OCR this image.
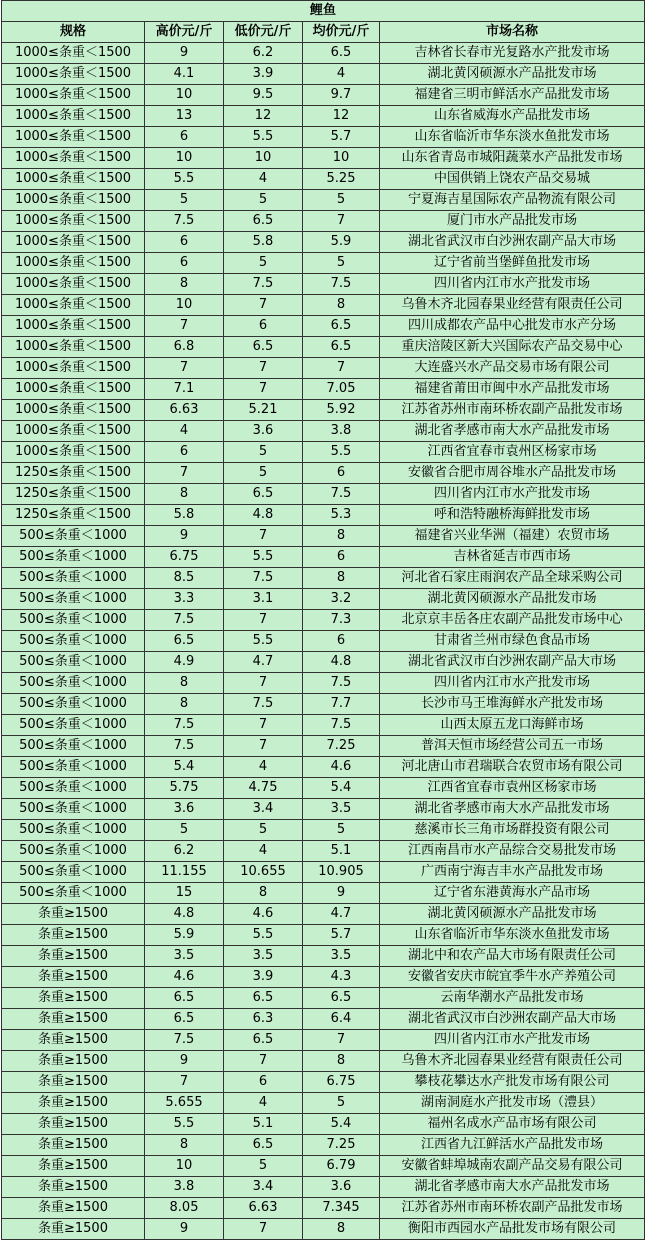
鲤鱼				
规格	高价元/斤	低价元/斤	均价元/斤	市场名称
1000≤条重＜1500	9	6.2	6.5	吉林省长春市光复路水产批发市场
1000≤条重＜1500	4.1	3.9	4	湖北黄冈硕源水产品批发市场
1000≤条重＜1500	10	9.5	9.7	福建省三明市鲜活水产品批发市场
1000≤条重＜1500	13	12	12	山东省威海水产品批发市场
1000≤条重＜1500	6	5.5	5.7	山东省临沂市华东淡水鱼批发市场
1000≤条重＜1500	10	10	10	山东省青岛市城阳蔬菜水产品批发市场
1000≤条重＜1500	5.5	4	5.25	中国供销上饶农产品交易城
1000≤条重＜1500	5	5	5	宁夏海吉星国际农产品物流有限公司
1000≤条重＜1500	7.5	6.5	7	厦门市水产品批发市场
1000≤条重＜1500	6	5.8	5.9	湖北省武汉市白沙洲农副产品大市场
1000≤条重＜1500	6	5	5	辽宁省前当堡鲜鱼批发市场
1000≤条重＜1500	8	7.5	7.5	四川省内江市水产批发市场
1000≤条重＜1500	10	7	8	乌鲁木齐北园春果业经营有限责任公司
1000≤条重＜1500	7	6	6.5	四川成都农产品中心批发市水产分场
1000≤条重＜1500	6.8	6.5	6.5	重庆涪陵区新大兴国际农产品交易中心
1000≤条重＜1500	7	7	7	大连盛兴水产品交易市场有限公司
1000≤条重＜1500	7.1	7	7.05	福建省莆田市闽中水产品批发市场
1000≤条重＜1500	6.63	5.21	5.92	江苏省苏州市南环桥农副产品批发市场
1000≤条重＜1500	4	3.6	3.8	湖北省孝感市南大水产品批发市场
1000≤条重＜1500	6	5	5.5	江西省宜春市袁州区杨家市场
1250≤条重＜1500	7	5	6	安徽省合肥市周谷堆水产品批发市场
1250≤条重＜1500	8	6.5	7.5	四川省内江市水产批发市场
1250≤条重＜1500	5.8	4.8	5.3	呼和浩特融桥海鲜批发市场
500≤条重＜1000	9	7	8	福建省兴业华洲（福建）农贸市场
500≤条重＜1000	6.75	5.5	6	吉林省延吉市西市场
500≤条重＜1000	8.5	7.5	8	河北省石家庄雨润农产品全球采购公司
500≤条重＜1000	3.3	3.1	3.2	湖北黄冈硕源水产品批发市场
500≤条重＜1000	7.5	7	7.3	北京京丰岳各庄农副产品批发市场中心
500≤条重＜1000	6.5	5.5	6	甘肃省兰州市绿色食品市场
500≤条重＜1000	4.9	4.7	4.8	湖北省武汉市白沙洲农副产品大市场
500≤条重＜1000	8	7	7.5	四川省内江市水产批发市场
500≤条重＜1000	8	7.5	7.7	长沙市马王堆海鲜水产批发市场
500≤条重＜1000	7.5	7	7.5	山西太原五龙口海鲜市场
500≤条重＜1000	7.5	7	7.25	普洱天恒市场经营公司五一市场
500≤条重＜1000	5.4	4	4.6	河北唐山市君瑞联合农贸市场有限公司
500≤条重＜1000	5.75	4.75	5.4	江西省宜春市袁州区杨家市场
500≤条重＜1000	3.6	3.4	3.5	湖北省孝感市南大水产品批发市场
500≤条重＜1000	5	5	5	慈溪市长三角市场群投资有限公司
500≤条重＜1000	6.2	4	5.1	江西南昌市水产品综合交易批发市场
500≤条重＜1000	11.155	10.655	10.905	广西南宁海吉丰水产品批发市场
500≤条重＜1000	15	8	9	辽宁省东港黄海水产品市场
条重≥1500	4.8	4.6	4.7	湖北黄冈硕源水产品批发市场
条重≥1500	5.9	5.5	5.7	山东省临沂市华东淡水鱼批发市场
条重≥1500	3.5	3.5	3.5	湖北中和农产品大市场有限责任公司
条重≥1500	4.6	3.9	4.3	安徽省安庆市皖宜季牛水产养殖公司
条重≥1500	6.5	6.5	6.5	云南华潮水产品批发市场
条重≥1500	6.5	6.3	6.4	湖北省武汉市白沙洲农副产品大市场
条重≥1500	7.5	6.5	7	四川省内江市水产批发市场
条重≥1500	9	7	8	乌鲁木齐北园春果业经营有限责任公司
条重≥1500	7	6	6.75	攀枝花攀达水产批发市场有限公司
条重≥1500	5.655	4	5	湖南洞庭水产批发市场（澧县）
条重≥1500	5.5	5.1	5.4	福州名成水产品市场有限公司
条重≥1500	8	6.5	7.25	江西省九江鲜活水产品批发市场
条重≥1500	10	5	6.79	安徽省蚌埠城南农副产品交易有限公司
条重≥1500	3.8	3.4	3.6	湖北省孝感市南大水产品批发市场
条重≥1500	8.05	6.63	7.345	江苏省苏州市南环桥农副产品批发市场
条重≥1500	9	7	8	衡阳市西园水产品批发市场有限公司
